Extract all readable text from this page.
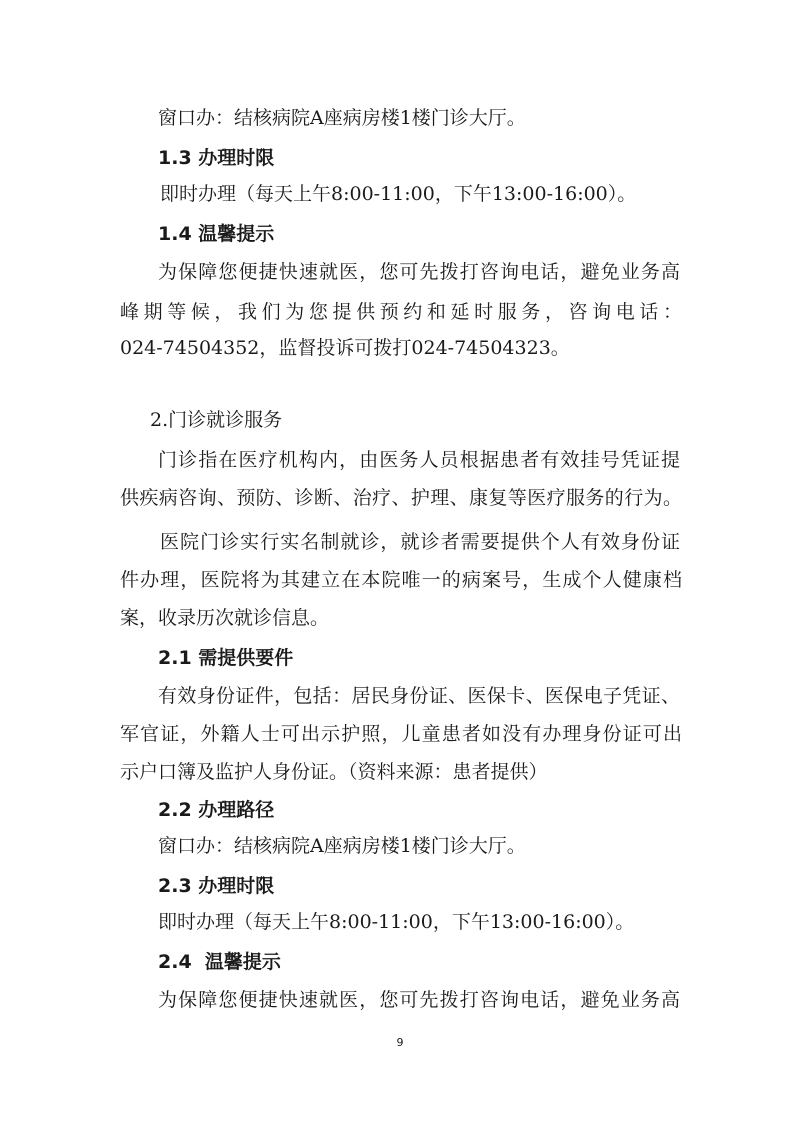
窗口办：结核病院A座病房楼1楼门诊大厅。
1.3 办理时限
即时办理（每天上午8:00-11:00，下午13:00-16:00）。
1.4 温馨提示
为保障您便捷快速就医，您可先拨打咨询电话，避免业务高
峰期等候，我们为您提供预约和延时服务，咨询电话：
024-74504352，监督投诉可拨打024-74504323。
2.门诊就诊服务
门诊指在医疗机构内，由医务人员根据患者有效挂号凭证提
供疾病咨询、预防、诊断、治疗、护理、康复等医疗服务的行为。
医院门诊实行实名制就诊，就诊者需要提供个人有效身份证
件办理，医院将为其建立在本院唯一的病案号，生成个人健康档
案，收录历次就诊信息。
2.1 需提供要件
有效身份证件，包括：居民身份证、医保卡、医保电子凭证、
军官证，外籍人士可出示护照，儿童患者如没有办理身份证可出
示户口簿及监护人身份证。（资料来源：患者提供）
2.2 办理路径
窗口办：结核病院A座病房楼1楼门诊大厅。
2.3 办理时限
即时办理（每天上午8:00-11:00，下午13:00-16:00）。
2.4  温馨提示
为保障您便捷快速就医，您可先拨打咨询电话，避免业务高
9
